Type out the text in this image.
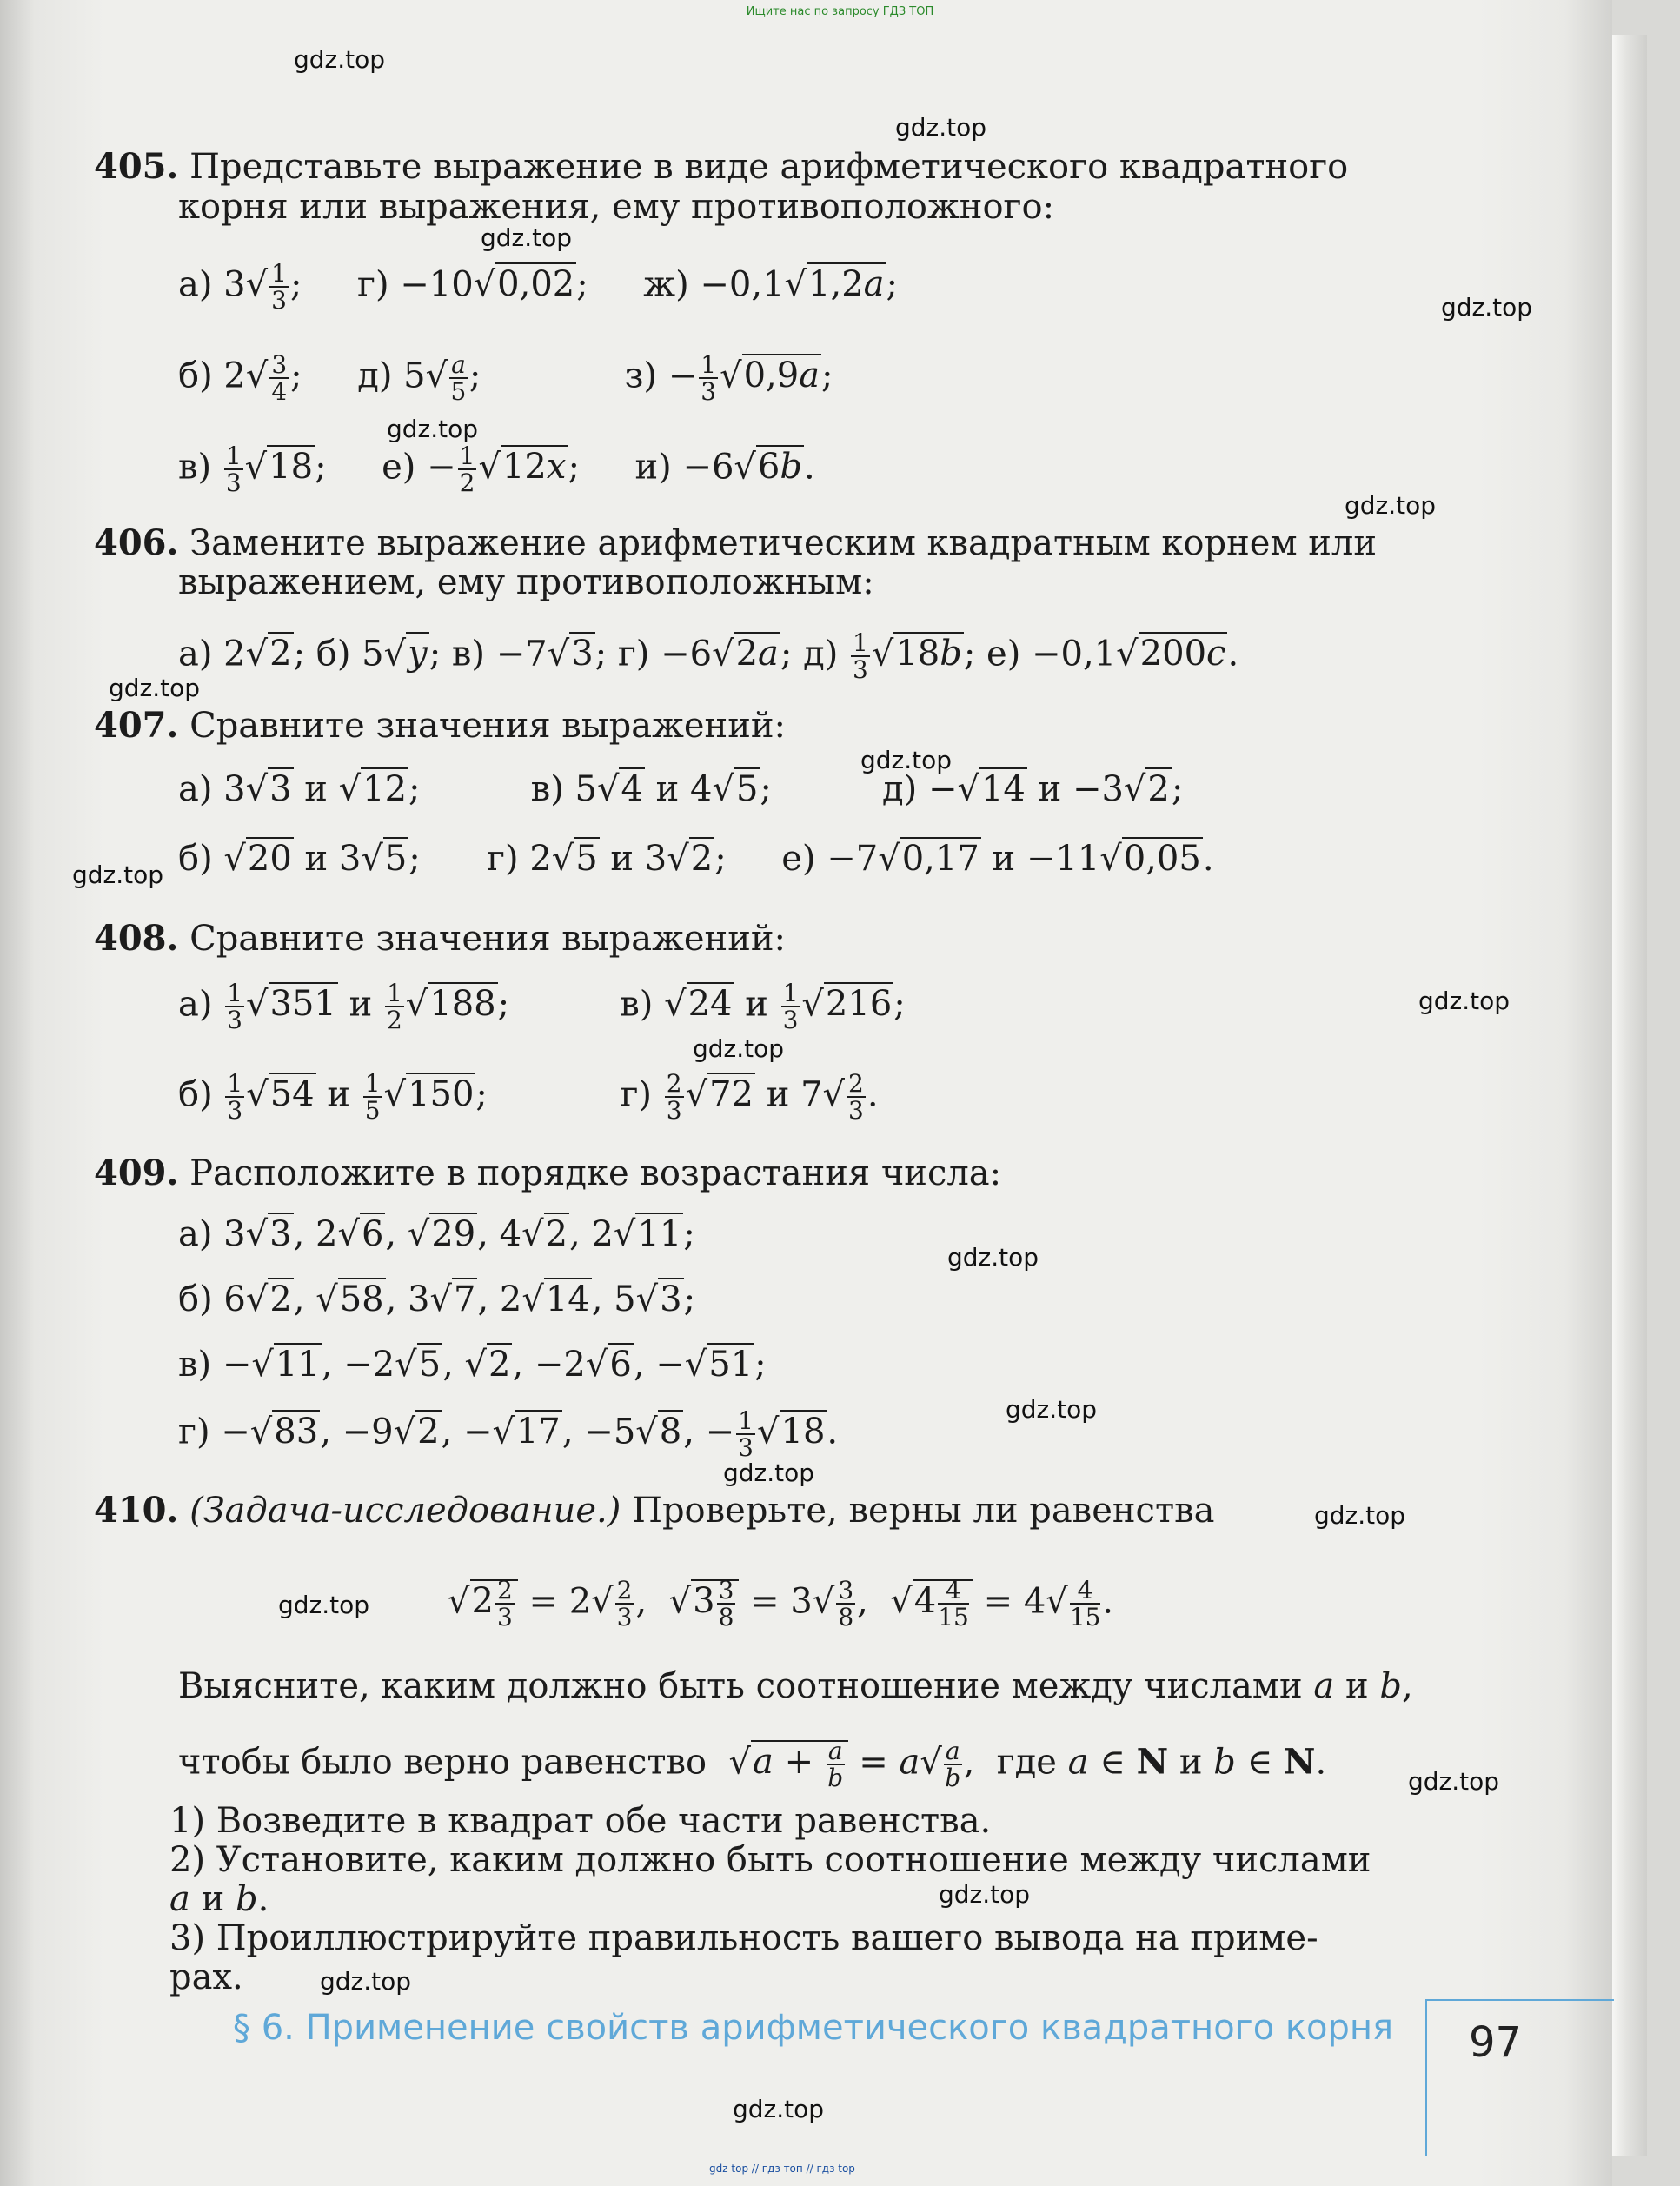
Ищите нас по запросу ГДЗ ТОП
gdz.top
gdz.top
gdz.top
gdz.top
gdz.top
gdz.top
gdz.top
gdz.top
gdz.top
gdz.top
gdz.top
gdz.top
gdz.top
gdz.top
gdz.top
gdz.top
gdz.top
gdz.top
gdz.top
gdz.top
405. Представьте выражение в виде арифметического квадратного
корня или выражения, ему противоположного:
а) $3√ \frac{1}{3}$ ;     г) −10√0,02;     ж) −0,1√1,2a;
б) $2√ \frac{3}{4}$ ;     д) $5√ \frac{a}{5}$ ;             $з) - \frac{1}{3} √0,9a$;
$в) \frac{1}{3} √18$;     $е) - \frac{1}{2} √12x$;     и) −6√6b.
406. Замените выражение арифметическим квадратным корнем или
выражением, ему противоположным:
а) 2√2; б) 5√y; в) −7√3; г) −6√2a; $д) \frac{1}{3} √18b$; е) −0,1√200c.
407. Сравните значения выражений:
а) 3√3 и √12;          в) 5√4 и 4√5;          д) −√14 и −3√2;
б) √20 и 3√5;      г) 2√5 и 3√2;     е) −7√0,17 и −11√0,05.
408. Сравните значения выражений:
$а) \frac{1}{3} √351$ и $\frac{1}{2} √188$;          в) √24 и $\frac{1}{3} √216$;
$б) \frac{1}{3} √54$ и $\frac{1}{5} √150$;            $г) \frac{2}{3} √72$ и $7√ \frac{2}{3}$ .
409. Расположите в порядке возрастания числа:
а) 3√3, 2√6, √29, 4√2, 2√11;
б) 6√2, √58, 3√7, 2√14, 5√3;
в) −√11, −2√5, √2, −2√6, −√51;
г) −√83, −9√2, −√17, −5√8, − $\frac{1}{3} √18$.
410. (Задача-исследование.) Проверьте, верны ли равенства
$√2 \frac{2}{3} = 2√ \frac{2}{3}$ ,  $√3 \frac{3}{8} = 3√ \frac{3}{8}$ ,  $√4 \frac{4}{15} = 4√ \frac{4}{15}$ .
Выясните, каким должно быть соотношение между числами a и b,
чтобы было верно равенство  $√a + \frac{a}{b} = a√ \frac{a}{b}$ ,  где a ∈ N и b ∈ N.
1) Возведите в квадрат обе части равенства.
2) Установите, каким должно быть соотношение между числами
a и b.
3) Проиллюстрируйте правильность вашего вывода на приме-
рах.
§ 6. Применение свойств арифметического квадратного корня 97
gdz top // гдз топ // гдз top
